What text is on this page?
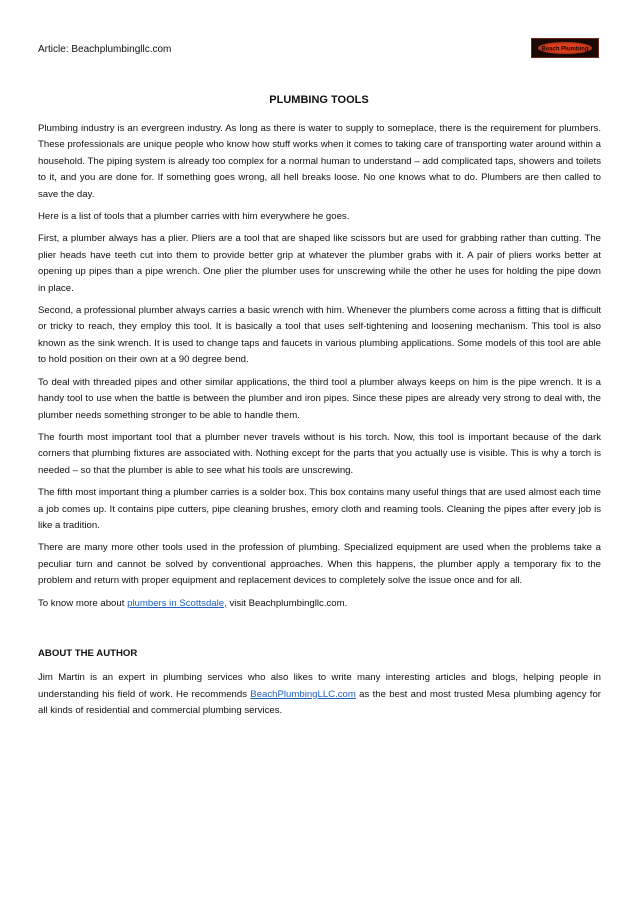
Article: Beachplumbingllc.com	Beach Plumbing
PLUMBING TOOLS

Plumbing industry is an evergreen industry. As long as there is water to supply to someplace, there is the requirement for plumbers. These professionals are unique people who know how stuff works when it comes to taking care of transporting water around within a household. The piping system is already too complex for a normal human to understand – add complicated taps, showers and toilets to it, and you are done for. If something goes wrong, all hell breaks loose. No one knows what to do. Plumbers are then called to save the day.

Here is a list of tools that a plumber carries with him everywhere he goes.

First, a plumber always has a plier. Pliers are a tool that are shaped like scissors but are used for grabbing rather than cutting. The plier heads have teeth cut into them to provide better grip at whatever the plumber grabs with it. A pair of pliers works better at opening up pipes than a pipe wrench. One plier the plumber uses for unscrewing while the other he uses for holding the pipe down in place.

Second, a professional plumber always carries a basic wrench with him. Whenever the plumbers come across a fitting that is difficult or tricky to reach, they employ this tool. It is basically a tool that uses self-tightening and loosening mechanism. This tool is also known as the sink wrench. It is used to change taps and faucets in various plumbing applications. Some models of this tool are able to hold position on their own at a 90 degree bend.

To deal with threaded pipes and other similar applications, the third tool a plumber always keeps on him is the pipe wrench. It is a handy tool to use when the battle is between the plumber and iron pipes. Since these pipes are already very strong to deal with, the plumber needs something stronger to be able to handle them.

The fourth most important tool that a plumber never travels without is his torch. Now, this tool is important because of the dark corners that plumbing fixtures are associated with. Nothing except for the parts that you actually use is visible. This is why a torch is needed – so that the plumber is able to see what his tools are unscrewing.

The fifth most important thing a plumber carries is a solder box. This box contains many useful things that are used almost each time a job comes up. It contains pipe cutters, pipe cleaning brushes, emory cloth and reaming tools. Cleaning the pipes after every job is like a tradition.

There are many more other tools used in the profession of plumbing. Specialized equipment are used when the problems take a peculiar turn and cannot be solved by conventional approaches. When this happens, the plumber apply a temporary fix to the problem and return with proper equipment and replacement devices to completely solve the issue once and for all.

To know more about plumbers in Scottsdale, visit Beachplumbingllc.com.

ABOUT THE AUTHOR

Jim Martin is an expert in plumbing services who also likes to write many interesting articles and blogs, helping people in understanding his field of work. He recommends BeachPlumbingLLC.com as the best and most trusted Mesa plumbing agency for all kinds of residential and commercial plumbing services.
